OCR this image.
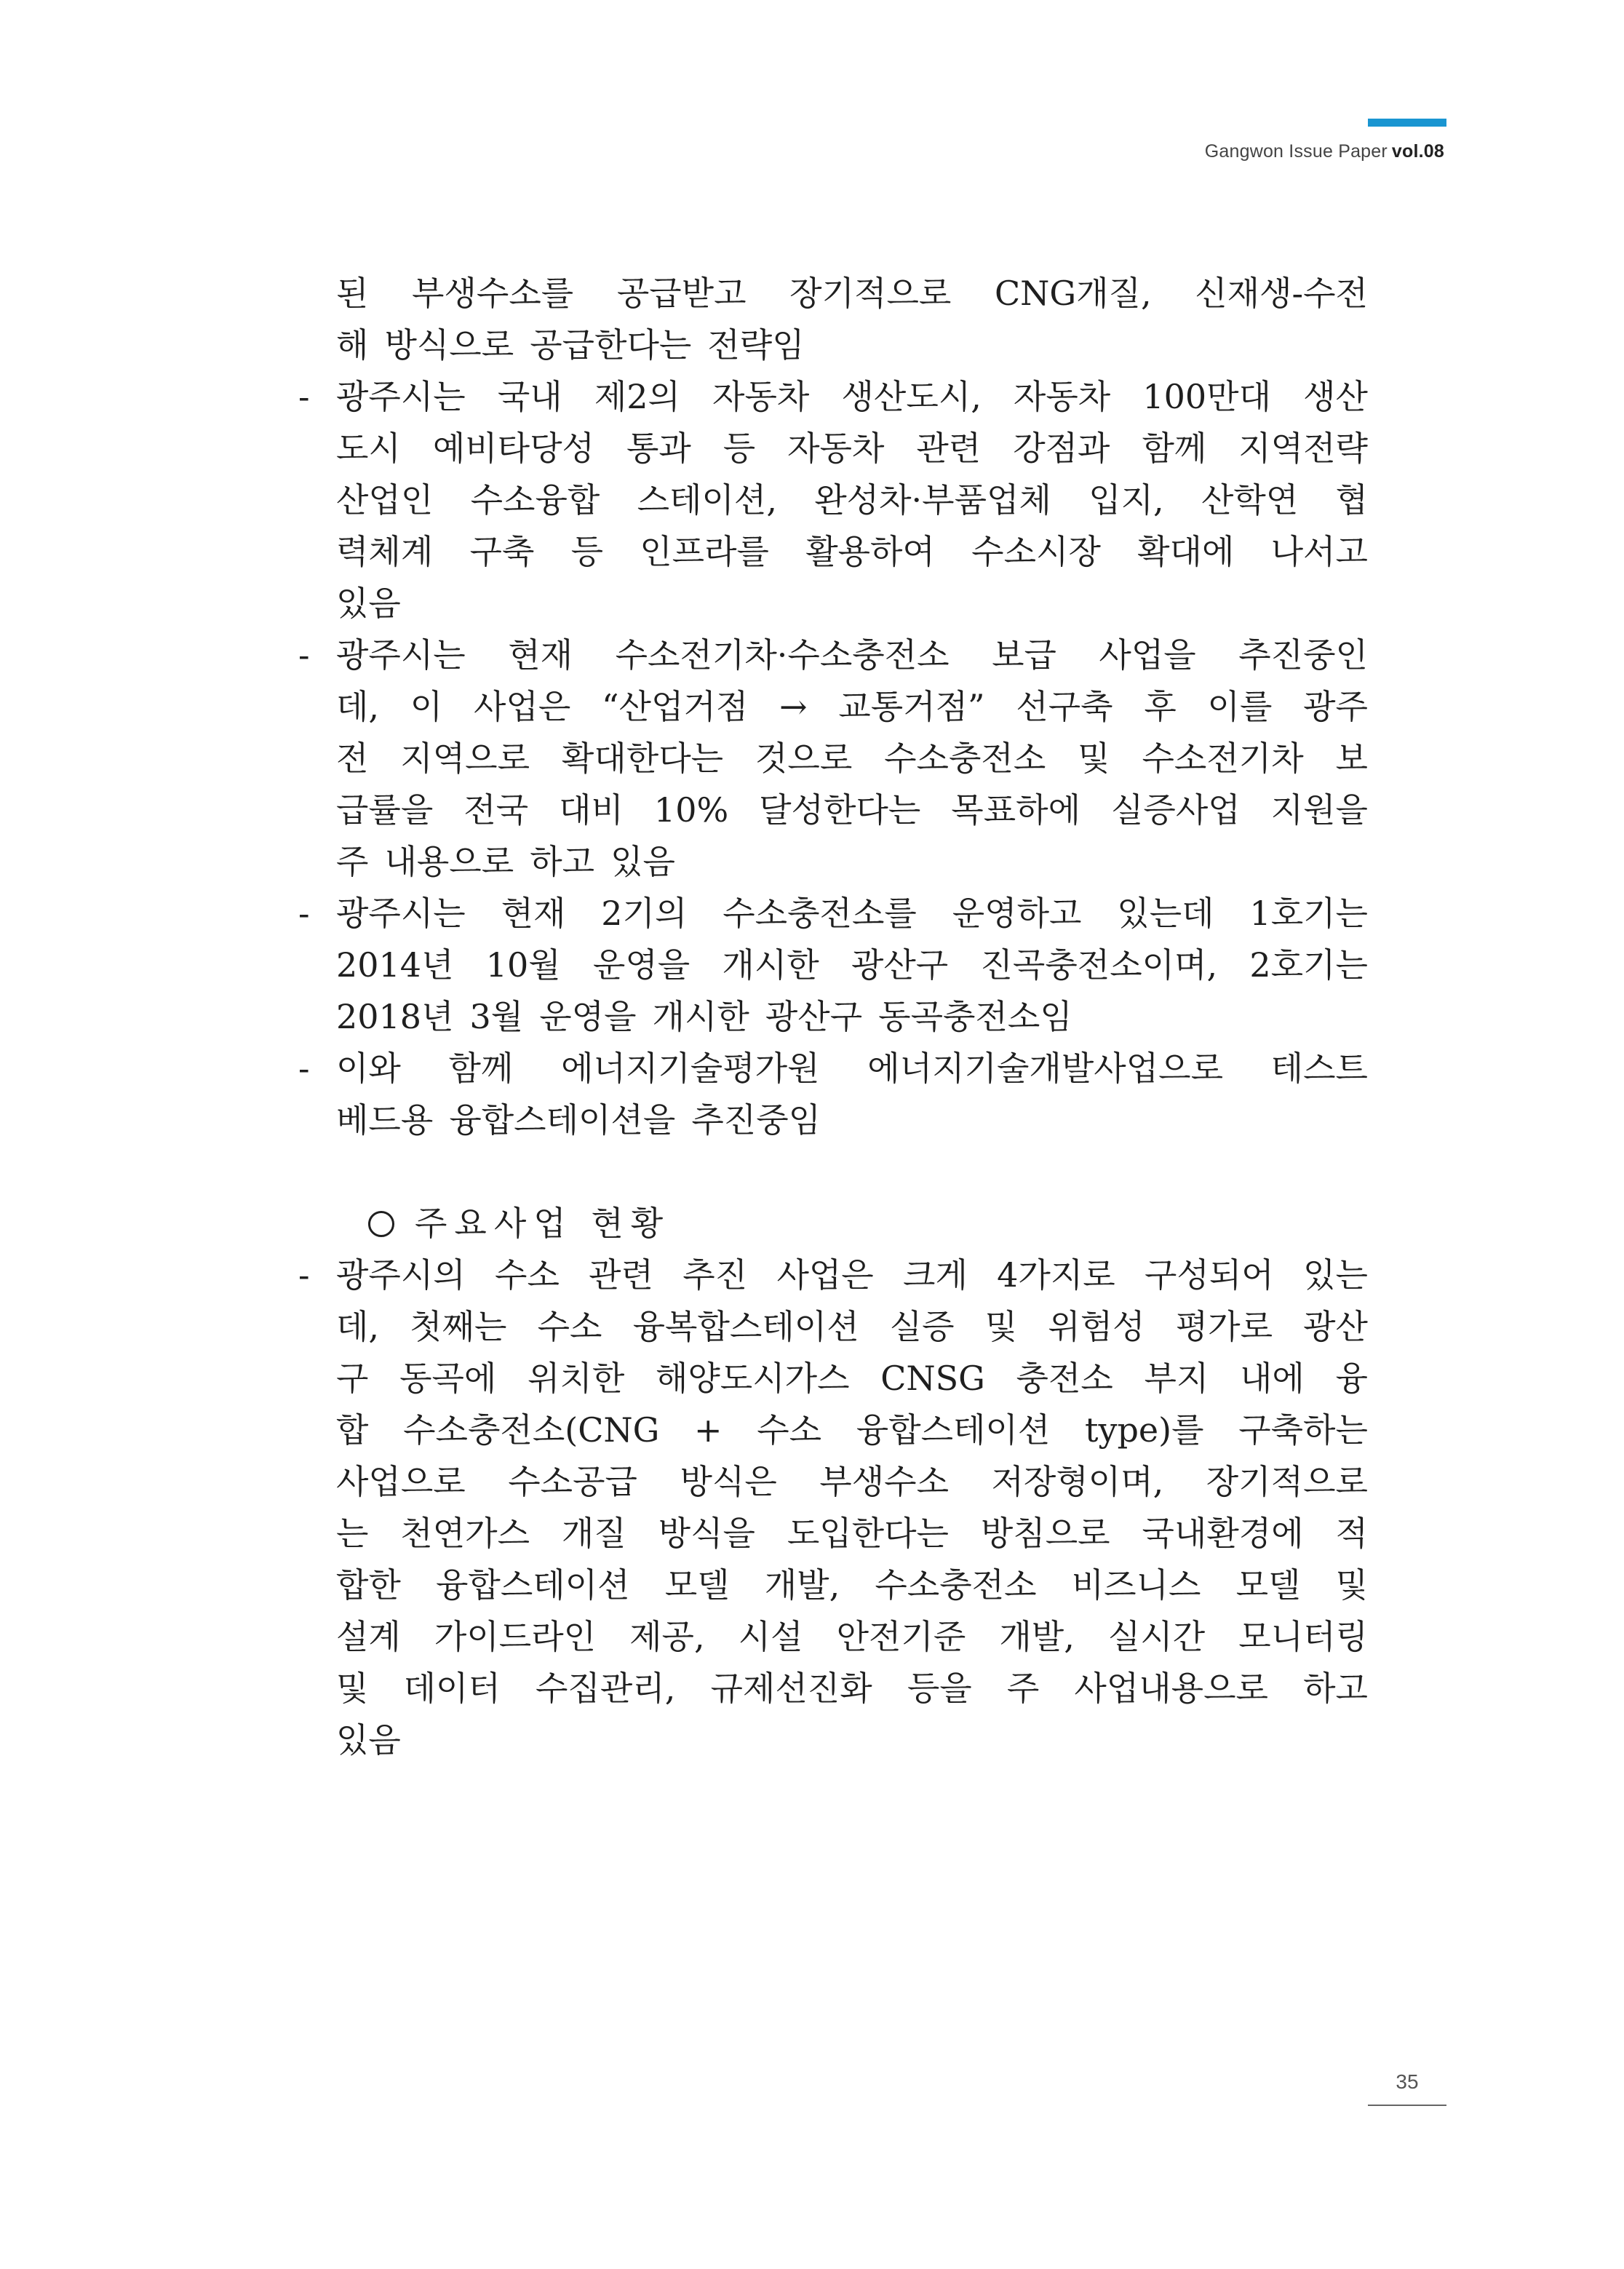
Gangwon Issue Paper vol.08
된 부생수소를 공급받고 장기적으로 CNG개질, 신재생-수전
해 방식으로 공급한다는 전략임
- 광주시는 국내 제2의 자동차 생산도시, 자동차 100만대 생산
도시 예비타당성 통과 등 자동차 관련 강점과 함께 지역전략
산업인 수소융합 스테이션, 완성차·부품업체 입지, 산학연 협
력체계 구축 등 인프라를 활용하여 수소시장 확대에 나서고
있음
- 광주시는 현재 수소전기차·수소충전소 보급 사업을 추진중인
데, 이 사업은 “산업거점 → 교통거점” 선구축 후 이를 광주
전 지역으로 확대한다는 것으로 수소충전소 및 수소전기차 보
급률을 전국 대비 10% 달성한다는 목표하에 실증사업 지원을
주 내용으로 하고 있음
- 광주시는 현재 2기의 수소충전소를 운영하고 있는데 1호기는
2014년 10월 운영을 개시한 광산구 진곡충전소이며, 2호기는
2018년 3월 운영을 개시한 광산구 동곡충전소임
- 이와 함께 에너지기술평가원 에너지기술개발사업으로 테스트
베드용 융합스테이션을 추진중임
주요사업 현황
- 광주시의 수소 관련 추진 사업은 크게 4가지로 구성되어 있는
데, 첫째는 수소 융복합스테이션 실증 및 위험성 평가로 광산
구 동곡에 위치한 해양도시가스 CNSG 충전소 부지 내에 융
합 수소충전소(CNG + 수소 융합스테이션 type)를 구축하는
사업으로 수소공급 방식은 부생수소 저장형이며, 장기적으로
는 천연가스 개질 방식을 도입한다는 방침으로 국내환경에 적
합한 융합스테이션 모델 개발, 수소충전소 비즈니스 모델 및
설계 가이드라인 제공, 시설 안전기준 개발, 실시간 모니터링
및 데이터 수집관리, 규제선진화 등을 주 사업내용으로 하고
있음
35
